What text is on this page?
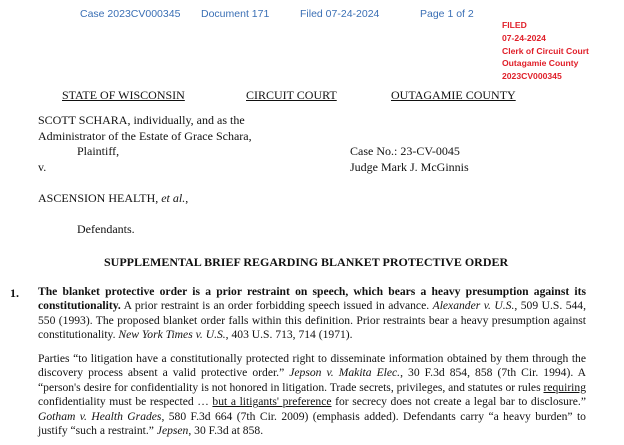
Case 2023CV000345 Document 171	Filed 07-24-2024	Page 1 of 2
FILED
07-24-2024
Clerk of Circuit Court
Outagamie County
2023CV000345
STATE OF WISCONSIN	CIRCUIT COURT	OUTAGAMIE COUNTY
SCOTT SCHARA, individually, and as the
Administrator of the Estate of Grace Schara,
Plaintiff,
v.
Case No.: 23-CV-0045
Judge Mark J. McGinnis
ASCENSION HEALTH, et al.,
Defendants.
SUPPLEMENTAL BRIEF REGARDING BLANKET PROTECTIVE ORDER
1. The blanket protective order is a prior restraint on speech, which bears a heavy presumption against its constitutionality. A prior restraint is an order forbidding speech issued in advance. Alexander v. U.S., 509 U.S. 544, 550 (1993). The proposed blanket order falls within this definition. Prior restraints bear a heavy presumption against constitutionality. New York Times v. U.S., 403 U.S. 713, 714 (1971).
Parties “to litigation have a constitutionally protected right to disseminate information obtained by them through the discovery process absent a valid protective order.” Jepson v. Makita Elec., 30 F.3d 854, 858 (7th Cir. 1994). A “person's desire for confidentiality is not honored in litigation. Trade secrets, privileges, and statutes or rules requiring confidentiality must be respected … but a litigants' preference for secrecy does not create a legal bar to disclosure.” Gotham v. Health Grades, 580 F.3d 664 (7th Cir. 2009) (emphasis added). Defendants carry “a heavy burden” to justify “such a restraint.” Jepsen, 30 F.3d at 858.
